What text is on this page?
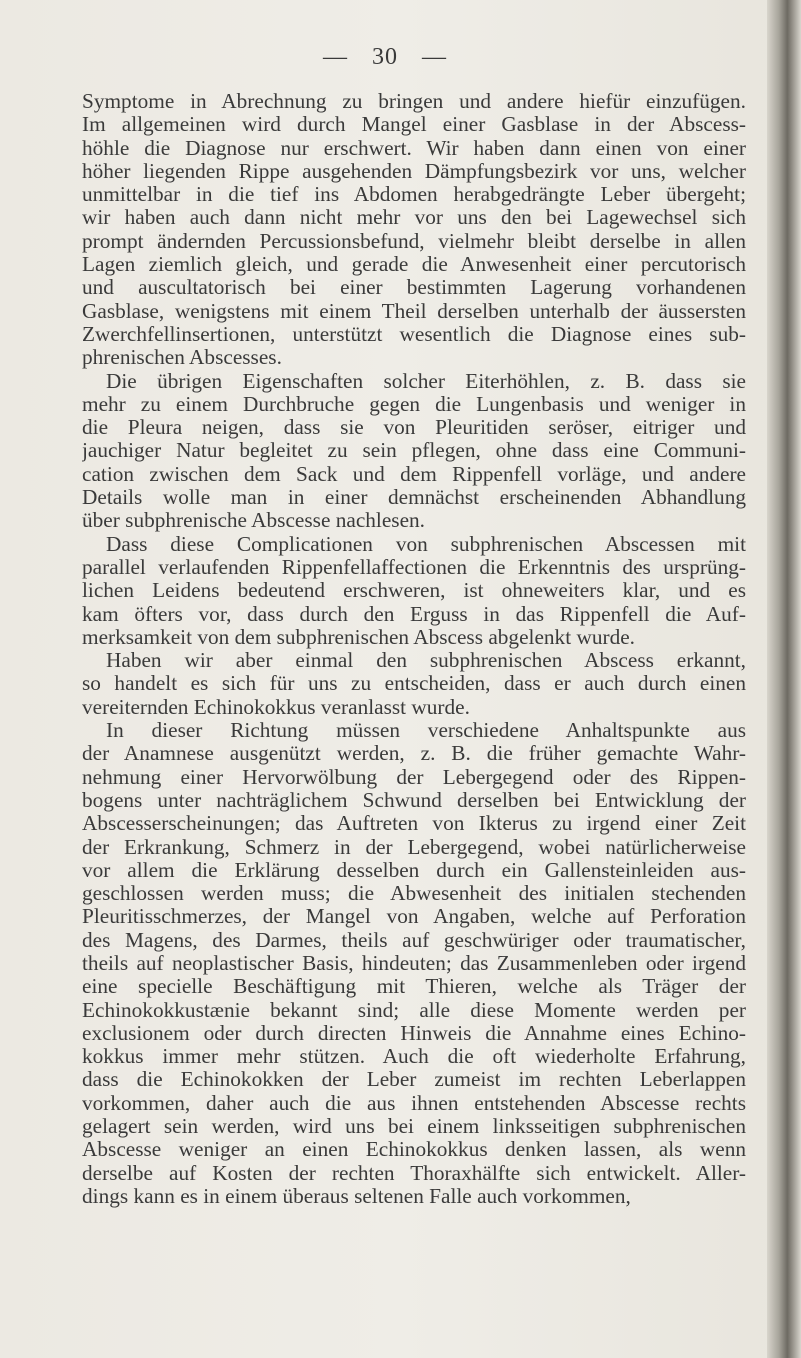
— 30 —
Symptome in Abrechnung zu bringen und andere hiefür einzufügen.
Im allgemeinen wird durch Mangel einer Gasblase in der Abscess-
höhle die Diagnose nur erschwert. Wir haben dann einen von einer
höher liegenden Rippe ausgehenden Dämpfungsbezirk vor uns, welcher
unmittelbar in die tief ins Abdomen herabgedrängte Leber übergeht;
wir haben auch dann nicht mehr vor uns den bei Lagewechsel sich
prompt ändernden Percussionsbefund, vielmehr bleibt derselbe in allen
Lagen ziemlich gleich, und gerade die Anwesenheit einer percutorisch
und auscultatorisch bei einer bestimmten Lagerung vorhandenen
Gasblase, wenigstens mit einem Theil derselben unterhalb der äussersten
Zwerchfellinsertionen, unterstützt wesentlich die Diagnose eines sub-
phrenischen Abscesses.
Die übrigen Eigenschaften solcher Eiterhöhlen, z. B. dass sie
mehr zu einem Durchbruche gegen die Lungenbasis und weniger in
die Pleura neigen, dass sie von Pleuritiden seröser, eitriger und
jauchiger Natur begleitet zu sein pflegen, ohne dass eine Communi-
cation zwischen dem Sack und dem Rippenfell vorläge, und andere
Details wolle man in einer demnächst erscheinenden Abhandlung
über subphrenische Abscesse nachlesen.
Dass diese Complicationen von subphrenischen Abscessen mit
parallel verlaufenden Rippenfellaffectionen die Erkenntnis des ursprüng-
lichen Leidens bedeutend erschweren, ist ohneweiters klar, und es
kam öfters vor, dass durch den Erguss in das Rippenfell die Auf-
merksamkeit von dem subphrenischen Abscess abgelenkt wurde.
Haben wir aber einmal den subphrenischen Abscess erkannt,
so handelt es sich für uns zu entscheiden, dass er auch durch einen
vereiternden Echinokokkus veranlasst wurde.
In dieser Richtung müssen verschiedene Anhaltspunkte aus
der Anamnese ausgenützt werden, z. B. die früher gemachte Wahr-
nehmung einer Hervorwölbung der Lebergegend oder des Rippen-
bogens unter nachträglichem Schwund derselben bei Entwicklung der
Abscesserscheinungen; das Auftreten von Ikterus zu irgend einer Zeit
der Erkrankung, Schmerz in der Lebergegend, wobei natürlicherweise
vor allem die Erklärung desselben durch ein Gallensteinleiden aus-
geschlossen werden muss; die Abwesenheit des initialen stechenden
Pleuritisschmerzes, der Mangel von Angaben, welche auf Perforation
des Magens, des Darmes, theils auf geschwüriger oder traumatischer,
theils auf neoplastischer Basis, hindeuten; das Zusammenleben oder irgend
eine specielle Beschäftigung mit Thieren, welche als Träger der
Echinokokkustænie bekannt sind; alle diese Momente werden per
exclusionem oder durch directen Hinweis die Annahme eines Echino-
kokkus immer mehr stützen. Auch die oft wiederholte Erfahrung,
dass die Echinokokken der Leber zumeist im rechten Leberlappen
vorkommen, daher auch die aus ihnen entstehenden Abscesse rechts
gelagert sein werden, wird uns bei einem linksseitigen subphrenischen
Abscesse weniger an einen Echinokokkus denken lassen, als wenn
derselbe auf Kosten der rechten Thoraxhälfte sich entwickelt. Aller-
dings kann es in einem überaus seltenen Falle auch vorkommen,
